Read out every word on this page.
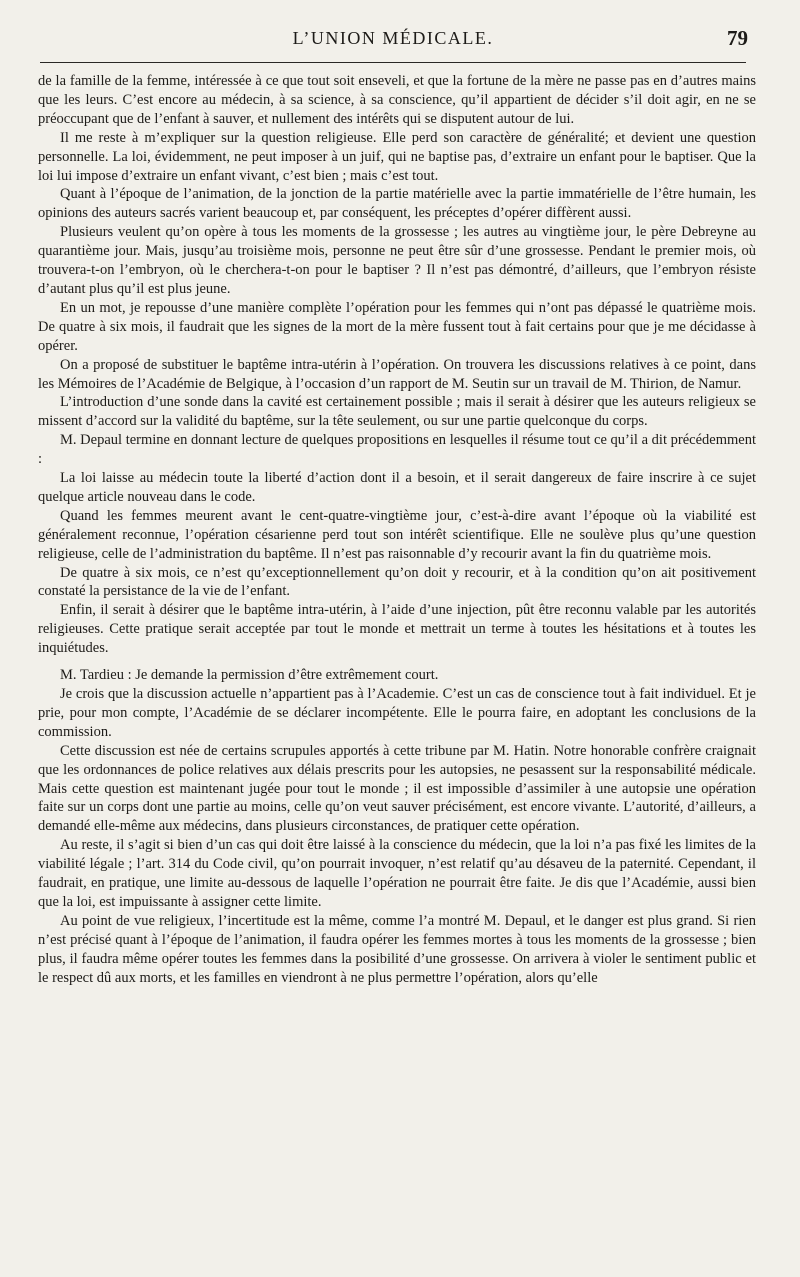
L’UNION MÉDICALE.	79

de la famille de la femme, intéressée à ce que tout soit enseveli, et que la fortune de la mère ne passe pas en d’autres mains que les leurs. C’est encore au médecin, à sa science, à sa conscience, qu’il appartient de décider s’il doit agir, en ne se préoccupant que de l’enfant à sauver, et nullement des intérêts qui se disputent autour de lui.

Il me reste à m’expliquer sur la question religieuse. Elle perd son caractère de généralité; et devient une question personnelle. La loi, évidemment, ne peut imposer à un juif, qui ne baptise pas, d’extraire un enfant pour le baptiser. Que la loi lui impose d’extraire un enfant vivant, c’est bien ; mais c’est tout.

Quant à l’époque de l’animation, de la jonction de la partie matérielle avec la partie immatérielle de l’être humain, les opinions des auteurs sacrés varient beaucoup et, par conséquent, les préceptes d’opérer diffèrent aussi.

Plusieurs veulent qu’on opère à tous les moments de la grossesse ; les autres au vingtième jour, le père Debreyne au quarantième jour. Mais, jusqu’au troisième mois, personne ne peut être sûr d’une grossesse. Pendant le premier mois, où trouvera-t-on l’embryon, où le cherchera-t-on pour le baptiser ? Il n’est pas démontré, d’ailleurs, que l’embryon résiste d’autant plus qu’il est plus jeune.

En un mot, je repousse d’une manière complète l’opération pour les femmes qui n’ont pas dépassé le quatrième mois. De quatre à six mois, il faudrait que les signes de la mort de la mère fussent tout à fait certains pour que je me décidasse à opérer.

On a proposé de substituer le baptême intra-utérin à l’opération. On trouvera les discussions relatives à ce point, dans les Mémoires de l’Académie de Belgique, à l’occasion d’un rapport de M. Seutin sur un travail de M. Thirion, de Namur.

L’introduction d’une sonde dans la cavité est certainement possible ; mais il serait à désirer que les auteurs religieux se missent d’accord sur la validité du baptême, sur la tête seulement, ou sur une partie quelconque du corps.

M. Depaul termine en donnant lecture de quelques propositions en lesquelles il résume tout ce qu’il a dit précédemment :

La loi laisse au médecin toute la liberté d’action dont il a besoin, et il serait dangereux de faire inscrire à ce sujet quelque article nouveau dans le code.

Quand les femmes meurent avant le cent-quatre-vingtième jour, c’est-à-dire avant l’époque où la viabilité est généralement reconnue, l’opération césarienne perd tout son intérêt scientifique. Elle ne soulève plus qu’une question religieuse, celle de l’administration du baptême. Il n’est pas raisonnable d’y recourir avant la fin du quatrième mois.

De quatre à six mois, ce n’est qu’exceptionnellement qu’on doit y recourir, et à la condition qu’on ait positivement constaté la persistance de la vie de l’enfant.

Enfin, il serait à désirer que le baptême intra-utérin, à l’aide d’une injection, pût être reconnu valable par les autorités religieuses. Cette pratique serait acceptée par tout le monde et mettrait un terme à toutes les hésitations et à toutes les inquiétudes.

M. Tardieu : Je demande la permission d’être extrêmement court.

Je crois que la discussion actuelle n’appartient pas à l’Academie. C’est un cas de conscience tout à fait individuel. Et je prie, pour mon compte, l’Académie de se déclarer incompétente. Elle le pourra faire, en adoptant les conclusions de la commission.

Cette discussion est née de certains scrupules apportés à cette tribune par M. Hatin. Notre honorable confrère craignait que les ordonnances de police relatives aux délais prescrits pour les autopsies, ne pesassent sur la responsabilité médicale. Mais cette question est maintenant jugée pour tout le monde ; il est impossible d’assimiler à une autopsie une opération faite sur un corps dont une partie au moins, celle qu’on veut sauver précisément, est encore vivante. L’autorité, d’ailleurs, a demandé elle-même aux médecins, dans plusieurs circonstances, de pratiquer cette opération.

Au reste, il s’agit si bien d’un cas qui doit être laissé à la conscience du médecin, que la loi n’a pas fixé les limites de la viabilité légale ; l’art. 314 du Code civil, qu’on pourrait invoquer, n’est relatif qu’au désaveu de la paternité. Cependant, il faudrait, en pratique, une limite au-dessous de laquelle l’opération ne pourrait être faite. Je dis que l’Académie, aussi bien que la loi, est impuissante à assigner cette limite.

Au point de vue religieux, l’incertitude est la même, comme l’a montré M. Depaul, et le danger est plus grand. Si rien n’est précisé quant à l’époque de l’animation, il faudra opérer les femmes mortes à tous les moments de la grossesse ; bien plus, il faudra même opérer toutes les femmes dans la posibilité d’une grossesse. On arrivera à violer le sentiment public et le respect dû aux morts, et les familles en viendront à ne plus permettre l’opération, alors qu’elle
